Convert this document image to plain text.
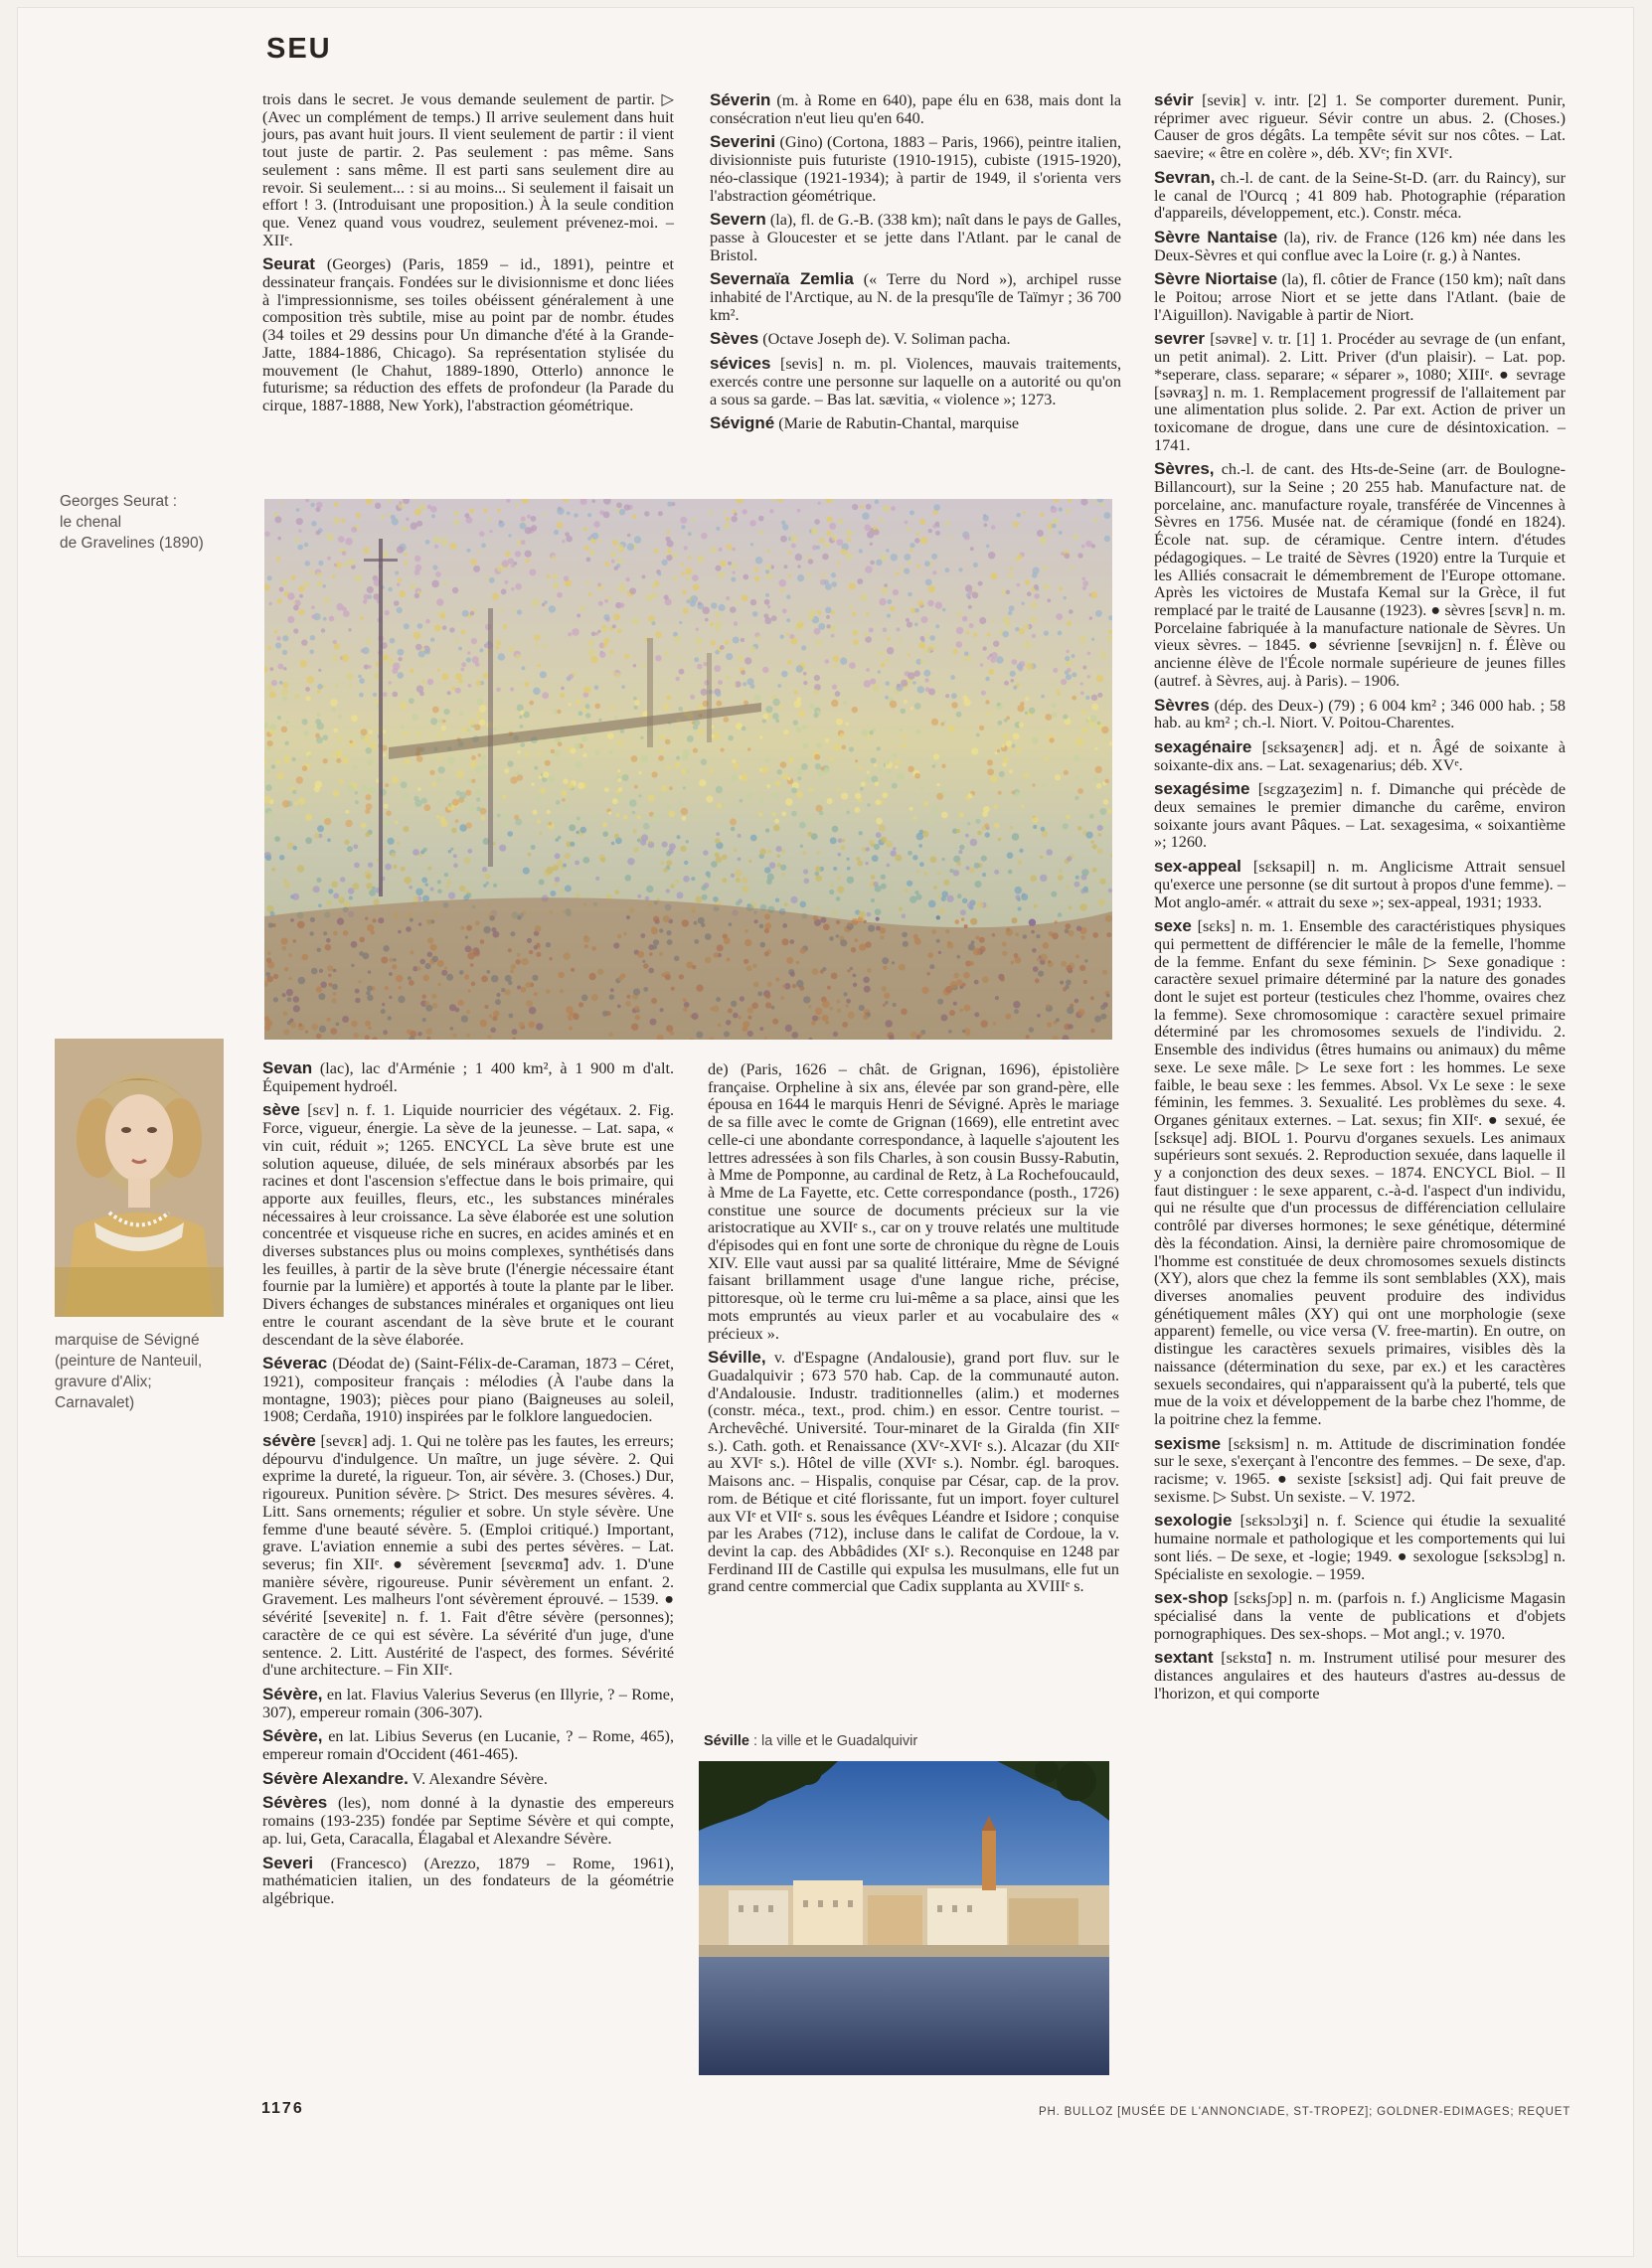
SEU
Georges Seurat :
le chenal
de Gravelines (1890)

marquise de Sévigné
(peinture de Nanteuil,
gravure d'Alix;
Carnavalet)

trois dans le secret. Je vous demande seulement de partir. ▷ (Avec un complément de temps.) Il arrive seulement dans huit jours, pas avant huit jours. Il vient seulement de partir : il vient tout juste de partir. 2. Pas seulement : pas même. Sans seulement : sans même. Il est parti sans seulement dire au revoir. Si seulement... : si au moins... Si seulement il faisait un effort ! 3. (Introduisant une proposition.) À la seule condition que. Venez quand vous voudrez, seulement prévenez-moi. – XIIᵉ.

Seurat (Georges) (Paris, 1859 – id., 1891), peintre et dessinateur français. Fondées sur le divisionnisme et donc liées à l'impressionnisme, ses toiles obéissent généralement à une composition très subtile, mise au point par de nombr. études (34 toiles et 29 dessins pour Un dimanche d'été à la Grande-Jatte, 1884-1886, Chicago). Sa représentation stylisée du mouvement (le Chahut, 1889-1890, Otterlo) annonce le futurisme; sa réduction des effets de profondeur (la Parade du cirque, 1887-1888, New York), l'abstraction géométrique.

Sevan (lac), lac d'Arménie ; 1 400 km², à 1 900 m d'alt. Équipement hydroél.

sève [sɛv] n. f. 1. Liquide nourricier des végétaux. 2. Fig. Force, vigueur, énergie. La sève de la jeunesse. – Lat. sapa, « vin cuit, réduit »; 1265. ENCYCL La sève brute est une solution aqueuse, diluée, de sels minéraux absorbés par les racines et dont l'ascension s'effectue dans le bois primaire, qui apporte aux feuilles, fleurs, etc., les substances minérales nécessaires à leur croissance. La sève élaborée est une solution concentrée et visqueuse riche en sucres, en acides aminés et en diverses substances plus ou moins complexes, synthétisés dans les feuilles, à partir de la sève brute (l'énergie nécessaire étant fournie par la lumière) et apportés à toute la plante par le liber. Divers échanges de substances minérales et organiques ont lieu entre le courant ascendant de la sève brute et le courant descendant de la sève élaborée.

Séverac (Déodat de) (Saint-Félix-de-Caraman, 1873 – Céret, 1921), compositeur français : mélodies (À l'aube dans la montagne, 1903); pièces pour piano (Baigneuses au soleil, 1908; Cerdaña, 1910) inspirées par le folklore languedocien.

sévère [sevɛʀ] adj. 1. Qui ne tolère pas les fautes, les erreurs; dépourvu d'indulgence. Un maître, un juge sévère. 2. Qui exprime la dureté, la rigueur. Ton, air sévère. 3. (Choses.) Dur, rigoureux. Punition sévère. ▷ Strict. Des mesures sévères. 4. Litt. Sans ornements; régulier et sobre. Un style sévère. Une femme d'une beauté sévère. 5. (Emploi critiqué.) Important, grave. L'aviation ennemie a subi des pertes sévères. – Lat. severus; fin XIIᵉ. ● sévèrement [sevɛʀmɑ̃] adv. 1. D'une manière sévère, rigoureuse. Punir sévèrement un enfant. 2. Gravement. Les malheurs l'ont sévèrement éprouvé. – 1539. ● sévérité [seveʀite] n. f. 1. Fait d'être sévère (personnes); caractère de ce qui est sévère. La sévérité d'un juge, d'une sentence. 2. Litt. Austérité de l'aspect, des formes. Sévérité d'une architecture. – Fin XIIᵉ.

Sévère, en lat. Flavius Valerius Severus (en Illyrie, ? – Rome, 307), empereur romain (306-307).

Sévère, en lat. Libius Severus (en Lucanie, ? – Rome, 465), empereur romain d'Occident (461-465).

Sévère Alexandre. V. Alexandre Sévère.

Sévères (les), nom donné à la dynastie des empereurs romains (193-235) fondée par Septime Sévère et qui compte, ap. lui, Geta, Caracalla, Élagabal et Alexandre Sévère.

Severi (Francesco) (Arezzo, 1879 – Rome, 1961), mathématicien italien, un des fondateurs de la géométrie algébrique.

Séverin (m. à Rome en 640), pape élu en 638, mais dont la consécration n'eut lieu qu'en 640.

Severini (Gino) (Cortona, 1883 – Paris, 1966), peintre italien, divisionniste puis futuriste (1910-1915), cubiste (1915-1920), néo-classique (1921-1934); à partir de 1949, il s'orienta vers l'abstraction géométrique.

Severn (la), fl. de G.-B. (338 km); naît dans le pays de Galles, passe à Gloucester et se jette dans l'Atlant. par le canal de Bristol.

Severnaïa Zemlia (« Terre du Nord »), archipel russe inhabité de l'Arctique, au N. de la presqu'île de Taïmyr ; 36 700 km².

Sèves (Octave Joseph de). V. Soliman pacha.

sévices [sevis] n. m. pl. Violences, mauvais traitements, exercés contre une personne sur laquelle on a autorité ou qu'on a sous sa garde. – Bas lat. sævitia, « violence »; 1273.

Sévigné (Marie de Rabutin-Chantal, marquise

de) (Paris, 1626 – chât. de Grignan, 1696), épistolière française. Orpheline à six ans, élevée par son grand-père, elle épousa en 1644 le marquis Henri de Sévigné. Après le mariage de sa fille avec le comte de Grignan (1669), elle entretint avec celle-ci une abondante correspondance, à laquelle s'ajoutent les lettres adressées à son fils Charles, à son cousin Bussy-Rabutin, à Mme de Pomponne, au cardinal de Retz, à La Rochefoucauld, à Mme de La Fayette, etc. Cette correspondance (posth., 1726) constitue une source de documents précieux sur la vie aristocratique au XVIIᵉ s., car on y trouve relatés une multitude d'épisodes qui en font une sorte de chronique du règne de Louis XIV. Elle vaut aussi par sa qualité littéraire, Mme de Sévigné faisant brillamment usage d'une langue riche, précise, pittoresque, où le terme cru lui-même a sa place, ainsi que les mots empruntés au vieux parler et au vocabulaire des « précieux ».

Séville, v. d'Espagne (Andalousie), grand port fluv. sur le Guadalquivir ; 673 570 hab. Cap. de la communauté auton. d'Andalousie. Industr. traditionnelles (alim.) et modernes (constr. méca., text., prod. chim.) en essor. Centre tourist. – Archevêché. Université. Tour-minaret de la Giralda (fin XIIᵉ s.). Cath. goth. et Renaissance (XVᵉ-XVIᵉ s.). Alcazar (du XIIᵉ au XVIᵉ s.). Hôtel de ville (XVIᵉ s.). Nombr. égl. baroques. Maisons anc. – Hispalis, conquise par César, cap. de la prov. rom. de Bétique et cité florissante, fut un import. foyer culturel aux VIᵉ et VIIᵉ s. sous les évêques Léandre et Isidore ; conquise par les Arabes (712), incluse dans le califat de Cordoue, la v. devint la cap. des Abbâdides (XIᵉ s.). Reconquise en 1248 par Ferdinand III de Castille qui expulsa les musulmans, elle fut un grand centre commercial que Cadix supplanta au XVIIIᵉ s.

sévir [seviʀ] v. intr. [2] 1. Se comporter durement. Punir, réprimer avec rigueur. Sévir contre un abus. 2. (Choses.) Causer de gros dégâts. La tempête sévit sur nos côtes. – Lat. saevire; « être en colère », déb. XVᵉ; fin XVIᵉ.

Sevran, ch.-l. de cant. de la Seine-St-D. (arr. du Raincy), sur le canal de l'Ourcq ; 41 809 hab. Photographie (réparation d'appareils, développement, etc.). Constr. méca.

Sèvre Nantaise (la), riv. de France (126 km) née dans les Deux-Sèvres et qui conflue avec la Loire (r. g.) à Nantes.

Sèvre Niortaise (la), fl. côtier de France (150 km); naît dans le Poitou; arrose Niort et se jette dans l'Atlant. (baie de l'Aiguillon). Navigable à partir de Niort.

sevrer [səvʀe] v. tr. [1] 1. Procéder au sevrage de (un enfant, un petit animal). 2. Litt. Priver (d'un plaisir). – Lat. pop. *seperare, class. separare; « séparer », 1080; XIIIᵉ. ● sevrage [səvʀaʒ] n. m. 1. Remplacement progressif de l'allaitement par une alimentation plus solide. 2. Par ext. Action de priver un toxicomane de drogue, dans une cure de désintoxication. – 1741.

Sèvres, ch.-l. de cant. des Hts-de-Seine (arr. de Boulogne-Billancourt), sur la Seine ; 20 255 hab. Manufacture nat. de porcelaine, anc. manufacture royale, transférée de Vincennes à Sèvres en 1756. Musée nat. de céramique (fondé en 1824). École nat. sup. de céramique. Centre intern. d'études pédagogiques. – Le traité de Sèvres (1920) entre la Turquie et les Alliés consacrait le démembrement de l'Europe ottomane. Après les victoires de Mustafa Kemal sur la Grèce, il fut remplacé par le traité de Lausanne (1923). ● sèvres [sɛvʀ] n. m. Porcelaine fabriquée à la manufacture nationale de Sèvres. Un vieux sèvres. – 1845. ● sévrienne [sevʀijɛn] n. f. Élève ou ancienne élève de l'École normale supérieure de jeunes filles (autref. à Sèvres, auj. à Paris). – 1906.

Sèvres (dép. des Deux-) (79) ; 6 004 km² ; 346 000 hab. ; 58 hab. au km² ; ch.-l. Niort. V. Poitou-Charentes.

sexagénaire [sɛksaʒenɛʀ] adj. et n. Âgé de soixante à soixante-dix ans. – Lat. sexagenarius; déb. XVᵉ.

sexagésime [sɛgzaʒezim] n. f. Dimanche qui précède de deux semaines le premier dimanche du carême, environ soixante jours avant Pâques. – Lat. sexagesima, « soixantième »; 1260.

sex-appeal [sɛksapil] n. m. Anglicisme Attrait sensuel qu'exerce une personne (se dit surtout à propos d'une femme). – Mot anglo-amér. « attrait du sexe »; sex-appeal, 1931; 1933.

sexe [sɛks] n. m. 1. Ensemble des caractéristiques physiques qui permettent de différencier le mâle de la femelle, l'homme de la femme. Enfant du sexe féminin. ▷ Sexe gonadique : caractère sexuel primaire déterminé par la nature des gonades dont le sujet est porteur (testicules chez l'homme, ovaires chez la femme). Sexe chromosomique : caractère sexuel primaire déterminé par les chromosomes sexuels de l'individu. 2. Ensemble des individus (êtres humains ou animaux) du même sexe. Le sexe mâle. ▷ Le sexe fort : les hommes. Le sexe faible, le beau sexe : les femmes. Absol. Vx Le sexe : le sexe féminin, les femmes. 3. Sexualité. Les problèmes du sexe. 4. Organes génitaux externes. – Lat. sexus; fin XIIᵉ. ● sexué, ée [sɛksɥe] adj. BIOL 1. Pourvu d'organes sexuels. Les animaux supérieurs sont sexués. 2. Reproduction sexuée, dans laquelle il y a conjonction des deux sexes. – 1874. ENCYCL Biol. – Il faut distinguer : le sexe apparent, c.-à-d. l'aspect d'un individu, qui ne résulte que d'un processus de différenciation cellulaire contrôlé par diverses hormones; le sexe génétique, déterminé dès la fécondation. Ainsi, la dernière paire chromosomique de l'homme est constituée de deux chromosomes sexuels distincts (XY), alors que chez la femme ils sont semblables (XX), mais diverses anomalies peuvent produire des individus génétiquement mâles (XY) qui ont une morphologie (sexe apparent) femelle, ou vice versa (V. free-martin). En outre, on distingue les caractères sexuels primaires, visibles dès la naissance (détermination du sexe, par ex.) et les caractères sexuels secondaires, qui n'apparaissent qu'à la puberté, tels que mue de la voix et développement de la barbe chez l'homme, de la poitrine chez la femme.

sexisme [sɛksism] n. m. Attitude de discrimination fondée sur le sexe, s'exerçant à l'encontre des femmes. – De sexe, d'ap. racisme; v. 1965. ● sexiste [sɛksist] adj. Qui fait preuve de sexisme. ▷ Subst. Un sexiste. – V. 1972.

sexologie [sɛksɔlɔʒi] n. f. Science qui étudie la sexualité humaine normale et pathologique et les comportements qui lui sont liés. – De sexe, et -logie; 1949. ● sexologue [sɛksɔlɔg] n. Spécialiste en sexologie. – 1959.

sex-shop [sɛksʃɔp] n. m. (parfois n. f.) Anglicisme Magasin spécialisé dans la vente de publications et d'objets pornographiques. Des sex-shops. – Mot angl.; v. 1970.

sextant [sɛkstɑ̃] n. m. Instrument utilisé pour mesurer des distances angulaires et des hauteurs d'astres au-dessus de l'horizon, et qui comporte

Séville : la ville et le Guadalquivir
1176	PH. BULLOZ [MUSÉE DE L'ANNONCIADE, ST-TROPEZ]; GOLDNER-EDIMAGES; REQUET
